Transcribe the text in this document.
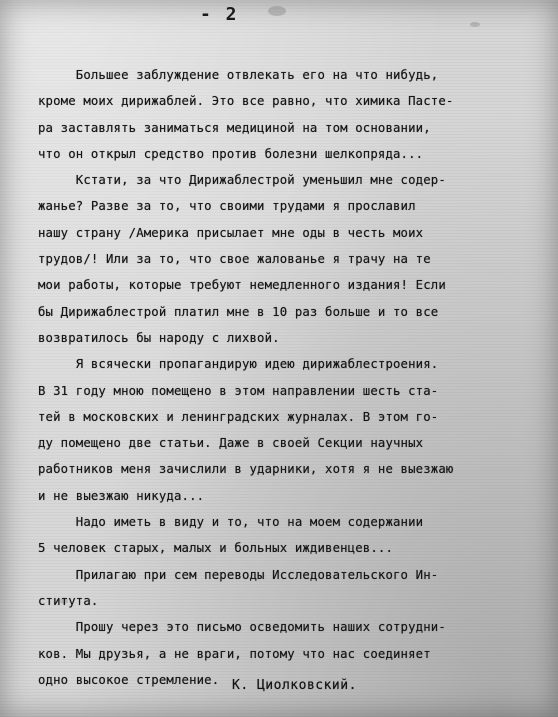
- 2
Большее заблуждение отвлекать его на что нибудь,
кроме моих дирижаблей. Это все равно, что химика Пасте-
ра заставлять заниматься медициной на том основании,
что он открыл средство против болезни шелкопряда...
Кстати, за что Дирижаблестрой уменьшил мне содер-
жанье? Разве за то, что своими трудами я прославил
нашу страну /Америка присылает мне оды в честь моих
трудов/! Или за то, что свое жалованье я трачу на те
мои работы, которые требуют немедленного издания! Если
бы Дирижаблестрой платил мне в 10 раз больше и то все
возвратилось бы народу с лихвой.
Я всячески пропагандирую идею дирижаблестроения.
В 31 году мною помещено в этом направлении шесть ста-
тей в московских и ленинградских журналах. В этом го-
ду помещено две статьи. Даже в своей Секции научных
работников меня зачислили в ударники, хотя я не выезжаю
и не выезжаю никуда...
Надо иметь в виду и то, что на моем содержании
5 человек старых, малых и больных иждивенцев...
Прилагаю при сем переводы Исследовательского Ин-
ститута.
Прошу через это письмо осведомить наших сотрудни-
ков. Мы друзья, а не враги, потому что нас соединяет
одно высокое стремление. К. Циолковский.
